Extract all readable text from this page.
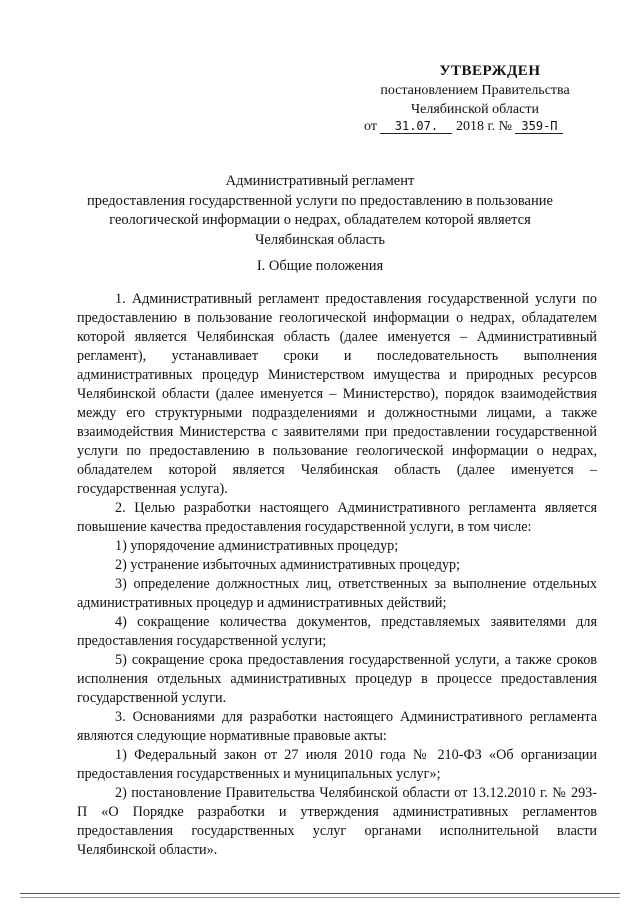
УТВЕРЖДЕН
постановлением Правительства
Челябинской области
от 31.07. 2018 г. № 359-П
Административный регламент
предоставления государственной услуги по предоставлению в пользование
геологической информации о недрах, обладателем которой является
Челябинская область
I. Общие положения

1. Административный регламент предоставления государственной услуги по предоставлению в пользование геологической информации о недрах, обладателем которой является Челябинская область (далее именуется – Административный регламент), устанавливает сроки и последовательность выполнения административных процедур Министерством имущества и природных ресурсов Челябинской области (далее именуется – Министерство), порядок взаимодействия между его структурными подразделениями и должностными лицами, а также взаимодействия Министерства с заявителями при предоставлении государственной услуги по предоставлению в пользование геологической информации о недрах, обладателем которой является Челябинская область (далее именуется – государственная услуга).

2. Целью разработки настоящего Административного регламента является повышение качества предоставления государственной услуги, в том числе:

1) упорядочение административных процедур;

2) устранение избыточных административных процедур;

3) определение должностных лиц, ответственных за выполнение отдельных административных процедур и административных действий;

4) сокращение количества документов, представляемых заявителями для предоставления государственной услуги;

5) сокращение срока предоставления государственной услуги, а также сроков исполнения отдельных административных процедур в процессе предоставления государственной услуги.

3. Основаниями для разработки настоящего Административного регламента являются следующие нормативные правовые акты:

1) Федеральный закон от 27 июля 2010 года № 210-ФЗ «Об организации предоставления государственных и муниципальных услуг»;

2) постановление Правительства Челябинской области от 13.12.2010 г. № 293-П «О Порядке разработки и утверждения административных регламентов предоставления государственных услуг органами исполнительной власти Челябинской области».
